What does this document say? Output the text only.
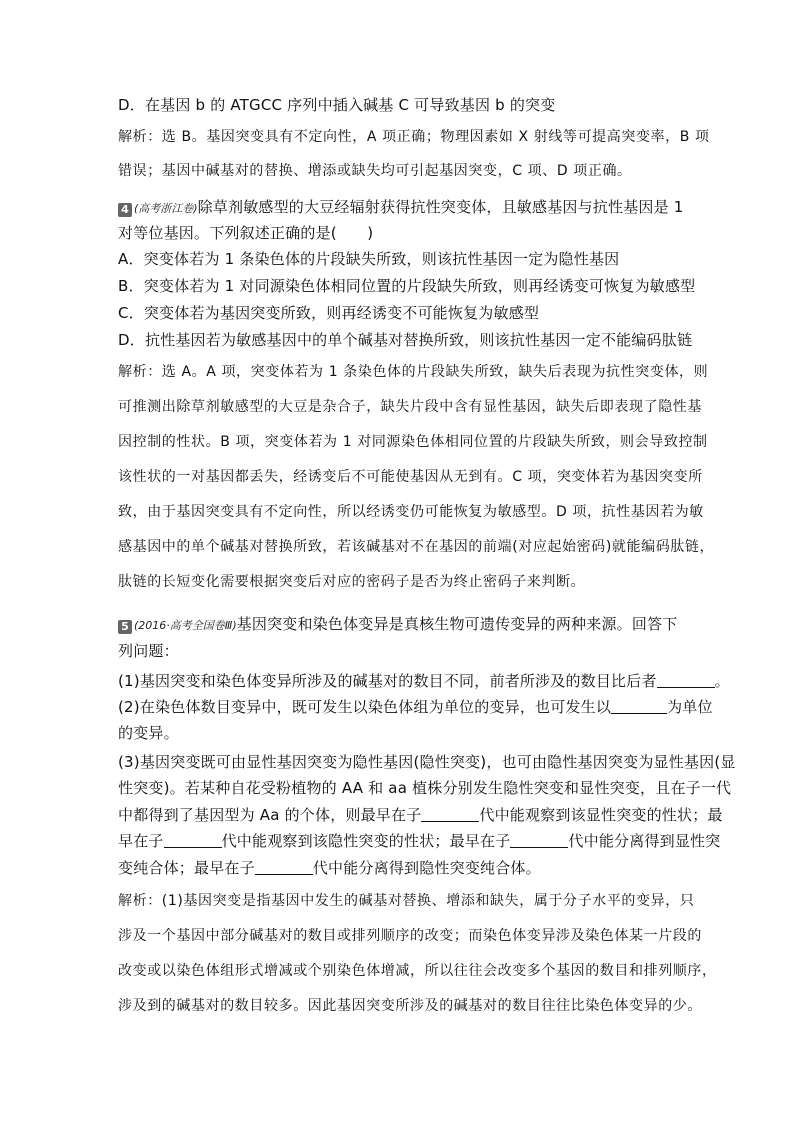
D．在基因 b 的 ATGCC 序列中插入碱基 C 可导致基因 b 的突变
解析：选 B。基因突变具有不定向性，A 项正确；物理因素如 X 射线等可提高突变率，B 项
错误；基因中碱基对的替换、增添或缺失均可引起基因突变，C 项、D 项正确。
4 (高考浙江卷)除草剂敏感型的大豆经辐射获得抗性突变体，且敏感基因与抗性基因是 1
对等位基因。下列叙述正确的是(　　)
A．突变体若为 1 条染色体的片段缺失所致，则该抗性基因一定为隐性基因
B．突变体若为 1 对同源染色体相同位置的片段缺失所致，则再经诱变可恢复为敏感型
C．突变体若为基因突变所致，则再经诱变不可能恢复为敏感型
D．抗性基因若为敏感基因中的单个碱基对替换所致，则该抗性基因一定不能编码肽链
解析：选 A。A 项，突变体若为 1 条染色体的片段缺失所致，缺失后表现为抗性突变体，则
可推测出除草剂敏感型的大豆是杂合子，缺失片段中含有显性基因，缺失后即表现了隐性基
因控制的性状。B 项，突变体若为 1 对同源染色体相同位置的片段缺失所致，则会导致控制
该性状的一对基因都丢失，经诱变后不可能使基因从无到有。C 项，突变体若为基因突变所
致，由于基因突变具有不定向性，所以经诱变仍可能恢复为敏感型。D 项，抗性基因若为敏
感基因中的单个碱基对替换所致，若该碱基对不在基因的前端(对应起始密码)就能编码肽链，
肽链的长短变化需要根据突变后对应的密码子是否为终止密码子来判断。
5 (2016·高考全国卷Ⅲ)基因突变和染色体变异是真核生物可遗传变异的两种来源。回答下
列问题：
(1)基因突变和染色体变异所涉及的碱基对的数目不同，前者所涉及的数目比后者	。
(2)在染色体数目变异中，既可发生以染色体组为单位的变异，也可发生以	为单位
的变异。
(3)基因突变既可由显性基因突变为隐性基因(隐性突变)，也可由隐性基因突变为显性基因(显
性突变)。若某种自花受粉植物的 AA 和 aa 植株分别发生隐性突变和显性突变，且在子一代
中都得到了基因型为 Aa 的个体，则最早在子	代中能观察到该显性突变的性状；最
早在子	代中能观察到该隐性突变的性状；最早在子	代中能分离得到显性突
变纯合体；最早在子	代中能分离得到隐性突变纯合体。
解析：(1)基因突变是指基因中发生的碱基对替换、增添和缺失，属于分子水平的变异，只
涉及一个基因中部分碱基对的数目或排列顺序的改变；而染色体变异涉及染色体某一片段的
改变或以染色体组形式增减或个别染色体增减，所以往往会改变多个基因的数目和排列顺序，
涉及到的碱基对的数目较多。因此基因突变所涉及的碱基对的数目往往比染色体变异的少。
